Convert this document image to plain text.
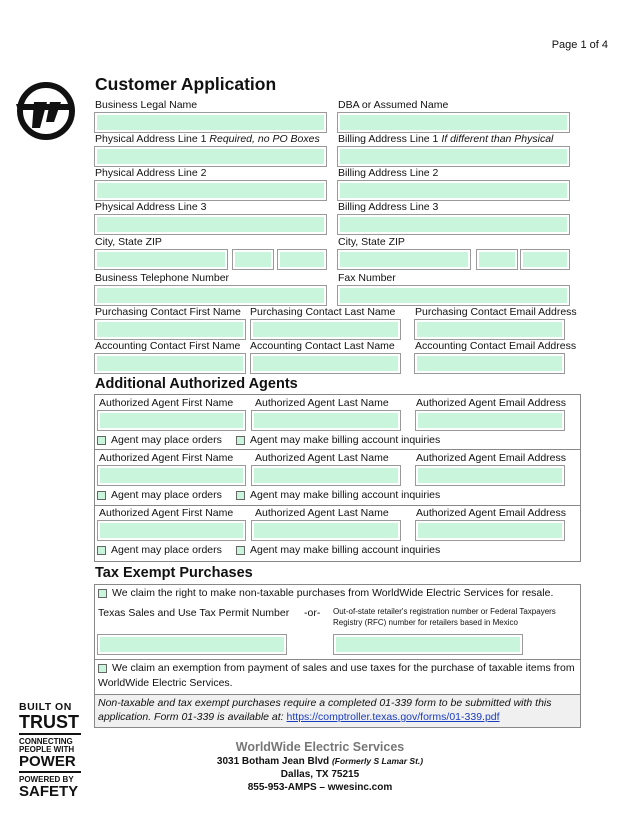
Page 1 of 4
Customer Application
Business Legal Name	DBA or Assumed Name
Physical Address Line 1 Required, no PO Boxes Billing Address Line 1 If different than Physical
Physical Address Line 2	Billing Address Line 2
Physical Address Line 3	Billing Address Line 3
City, State ZIP	City, State ZIP
Business Telephone Number	Fax Number
Purchasing Contact First Name Purchasing Contact Last Name Purchasing Contact Email Address
Accounting Contact First Name Accounting Contact Last Name Accounting Contact Email Address
Additional Authorized Agents
Authorized Agent First Name Authorized Agent Last Name	Authorized Agent Email Address
Agent may place orders	Agent may make billing account inquiries
Authorized Agent First Name Authorized Agent Last Name	Authorized Agent Email Address
Agent may place orders	Agent may make billing account inquiries
Authorized Agent First Name Authorized Agent Last Name	Authorized Agent Email Address
Agent may place orders	Agent may make billing account inquiries
Tax Exempt Purchases
We claim the right to make non-taxable purchases from WorldWide Electric Services for resale.
Texas Sales and Use Tax Permit Number -or- Out-of-state retailer's registration number or Federal Taxpayers
Registry (RFC) number for retailers based in Mexico
We claim an exemption from payment of sales and use taxes for the purchase of taxable items from
WorldWide Electric Services.
Non-taxable and tax exempt purchases require a completed 01-339 form to be submitted with this
application. Form 01-339 is available at: https://comptroller.texas.gov/forms/01-339.pdf
BUILT ON
TRUST
CONNECTING
PEOPLE WITH
POWER
POWERED BY
SAFETY
WorldWide Electric Services
3031 Botham Jean Blvd (Formerly S Lamar St.)
Dallas, TX 75215
855-953-AMPS – wwesinc.com
